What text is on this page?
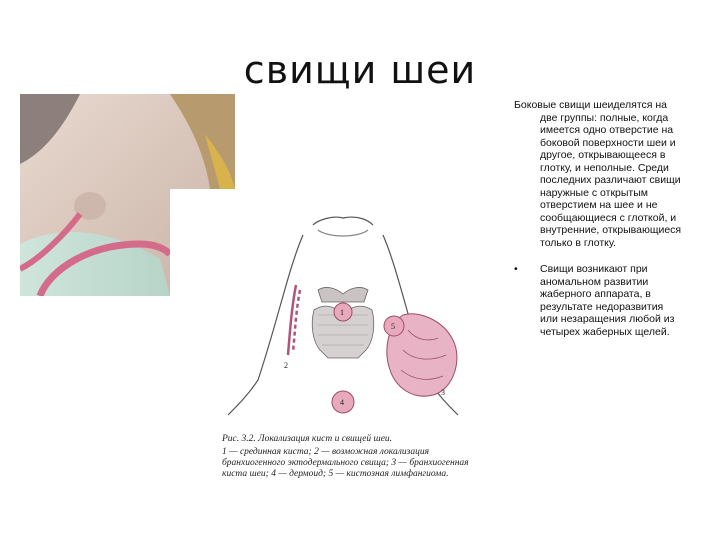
свищи шеи
1
2
5
4
3
Рис. 3.2. Локализация кист и свищей шеи.
1 — срединная киста; 2 — возможная локализация бранхиогенного эктодермального свища; 3 — бранхиогенная киста шеи; 4 — дермоид; 5 — кистозная лимфангиома.

Боковые свищи шеиделятся на две группы: полные, когда имеется одно отверстие на боковой поверхности шеи и другое, открывающееся в глотку, и неполные. Среди последних различают свищи наружные с открытым отверстием на шее и не сообщающиеся с глоткой, и внутренние, открывающиеся только в глотку.

•	Свищи возникают при аномальном развитии жаберного аппарата, в результате недоразвития или незаращения любой из четырех жаберных щелей.
